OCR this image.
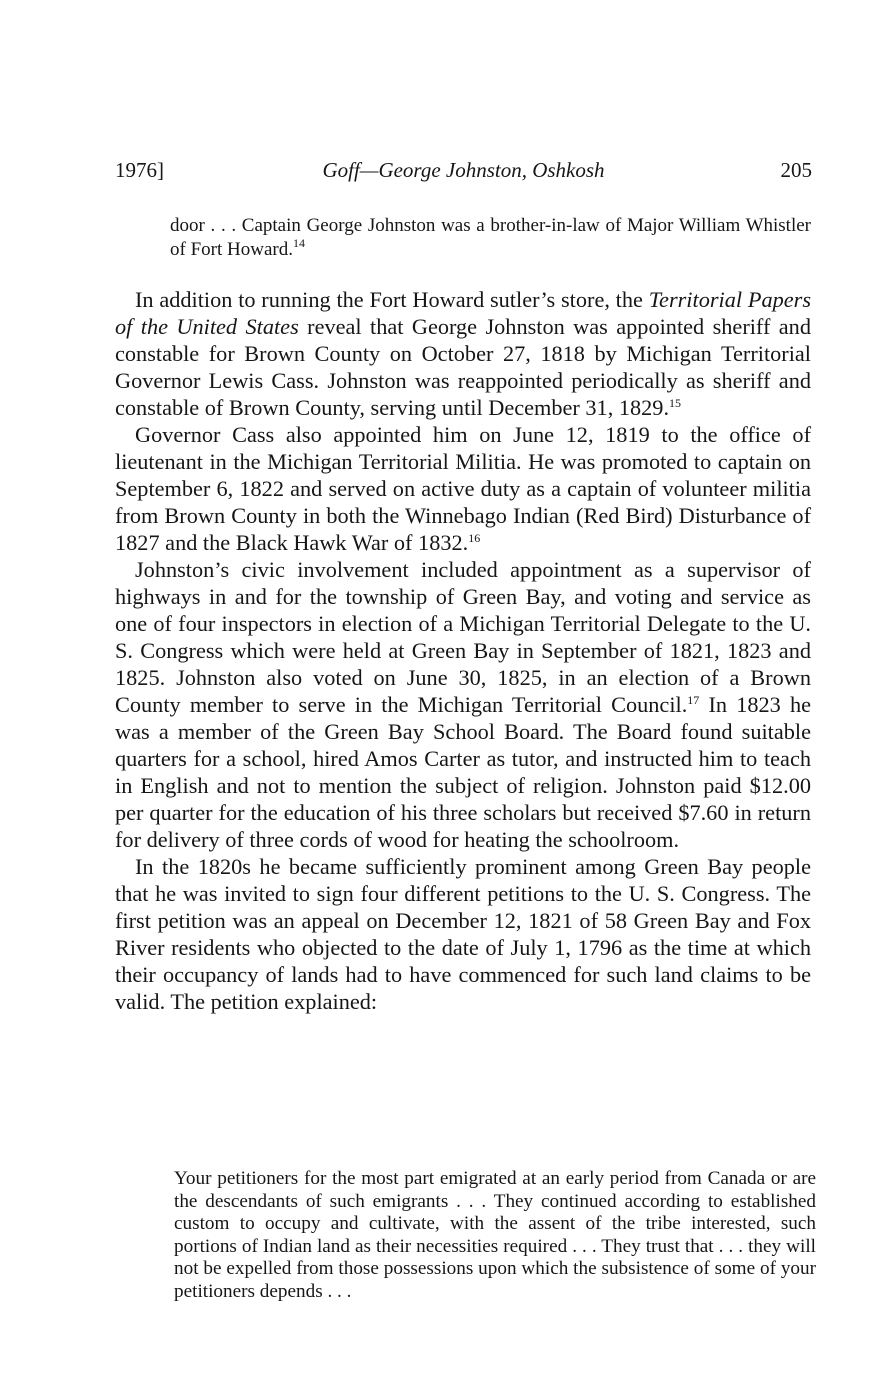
1976]	Goff—George Johnston, Oshkosh	205
door . . . Captain George Johnston was a brother-in-law of Major William Whistler of Fort Howard.$^{14}$

In addition to running the Fort Howard sutler’s store, the Territorial Papers of the United States reveal that George Johnston was appointed sheriff and constable for Brown County on October 27, 1818 by Michigan Territorial Governor Lewis Cass. Johnston was reappointed periodically as sheriff and constable of Brown County, serving until December 31, 1829.15

Governor Cass also appointed him on June 12, 1819 to the office of lieutenant in the Michigan Territorial Militia. He was promoted to captain on September 6, 1822 and served on active duty as a captain of volunteer militia from Brown County in both the Winnebago Indian (Red Bird) Disturbance of 1827 and the Black Hawk War of 1832.16

Johnston’s civic involvement included appointment as a supervisor of highways in and for the township of Green Bay, and voting and service as one of four inspectors in election of a Michigan Territorial Delegate to the U. S. Congress which were held at Green Bay in September of 1821, 1823 and 1825. Johnston also voted on June 30, 1825, in an election of a Brown County member to serve in the Michigan Territorial Council.$^{17}$ In 1823 he was a member of the Green Bay School Board. The Board found suitable quarters for a school, hired Amos Carter as tutor, and instructed him to teach in English and not to mention the subject of religion. Johnston paid $12.00 per quarter for the education of his three scholars but received $7.60 in return for delivery of three cords of wood for heating the schoolroom.

In the 1820s he became sufficiently prominent among Green Bay people that he was invited to sign four different petitions to the U. S. Congress. The first petition was an appeal on December 12, 1821 of 58 Green Bay and Fox River residents who objected to the date of July 1, 1796 as the time at which their occupancy of lands had to have commenced for such land claims to be valid. The petition explained:

Your petitioners for the most part emigrated at an early period from Canada or are the descendants of such emigrants . . . They continued according to established custom to occupy and cultivate, with the assent of the tribe interested, such portions of Indian land as their necessities required . . . They trust that . . . they will not be expelled from those possessions upon which the subsistence of some of your petitioners depends . . .
